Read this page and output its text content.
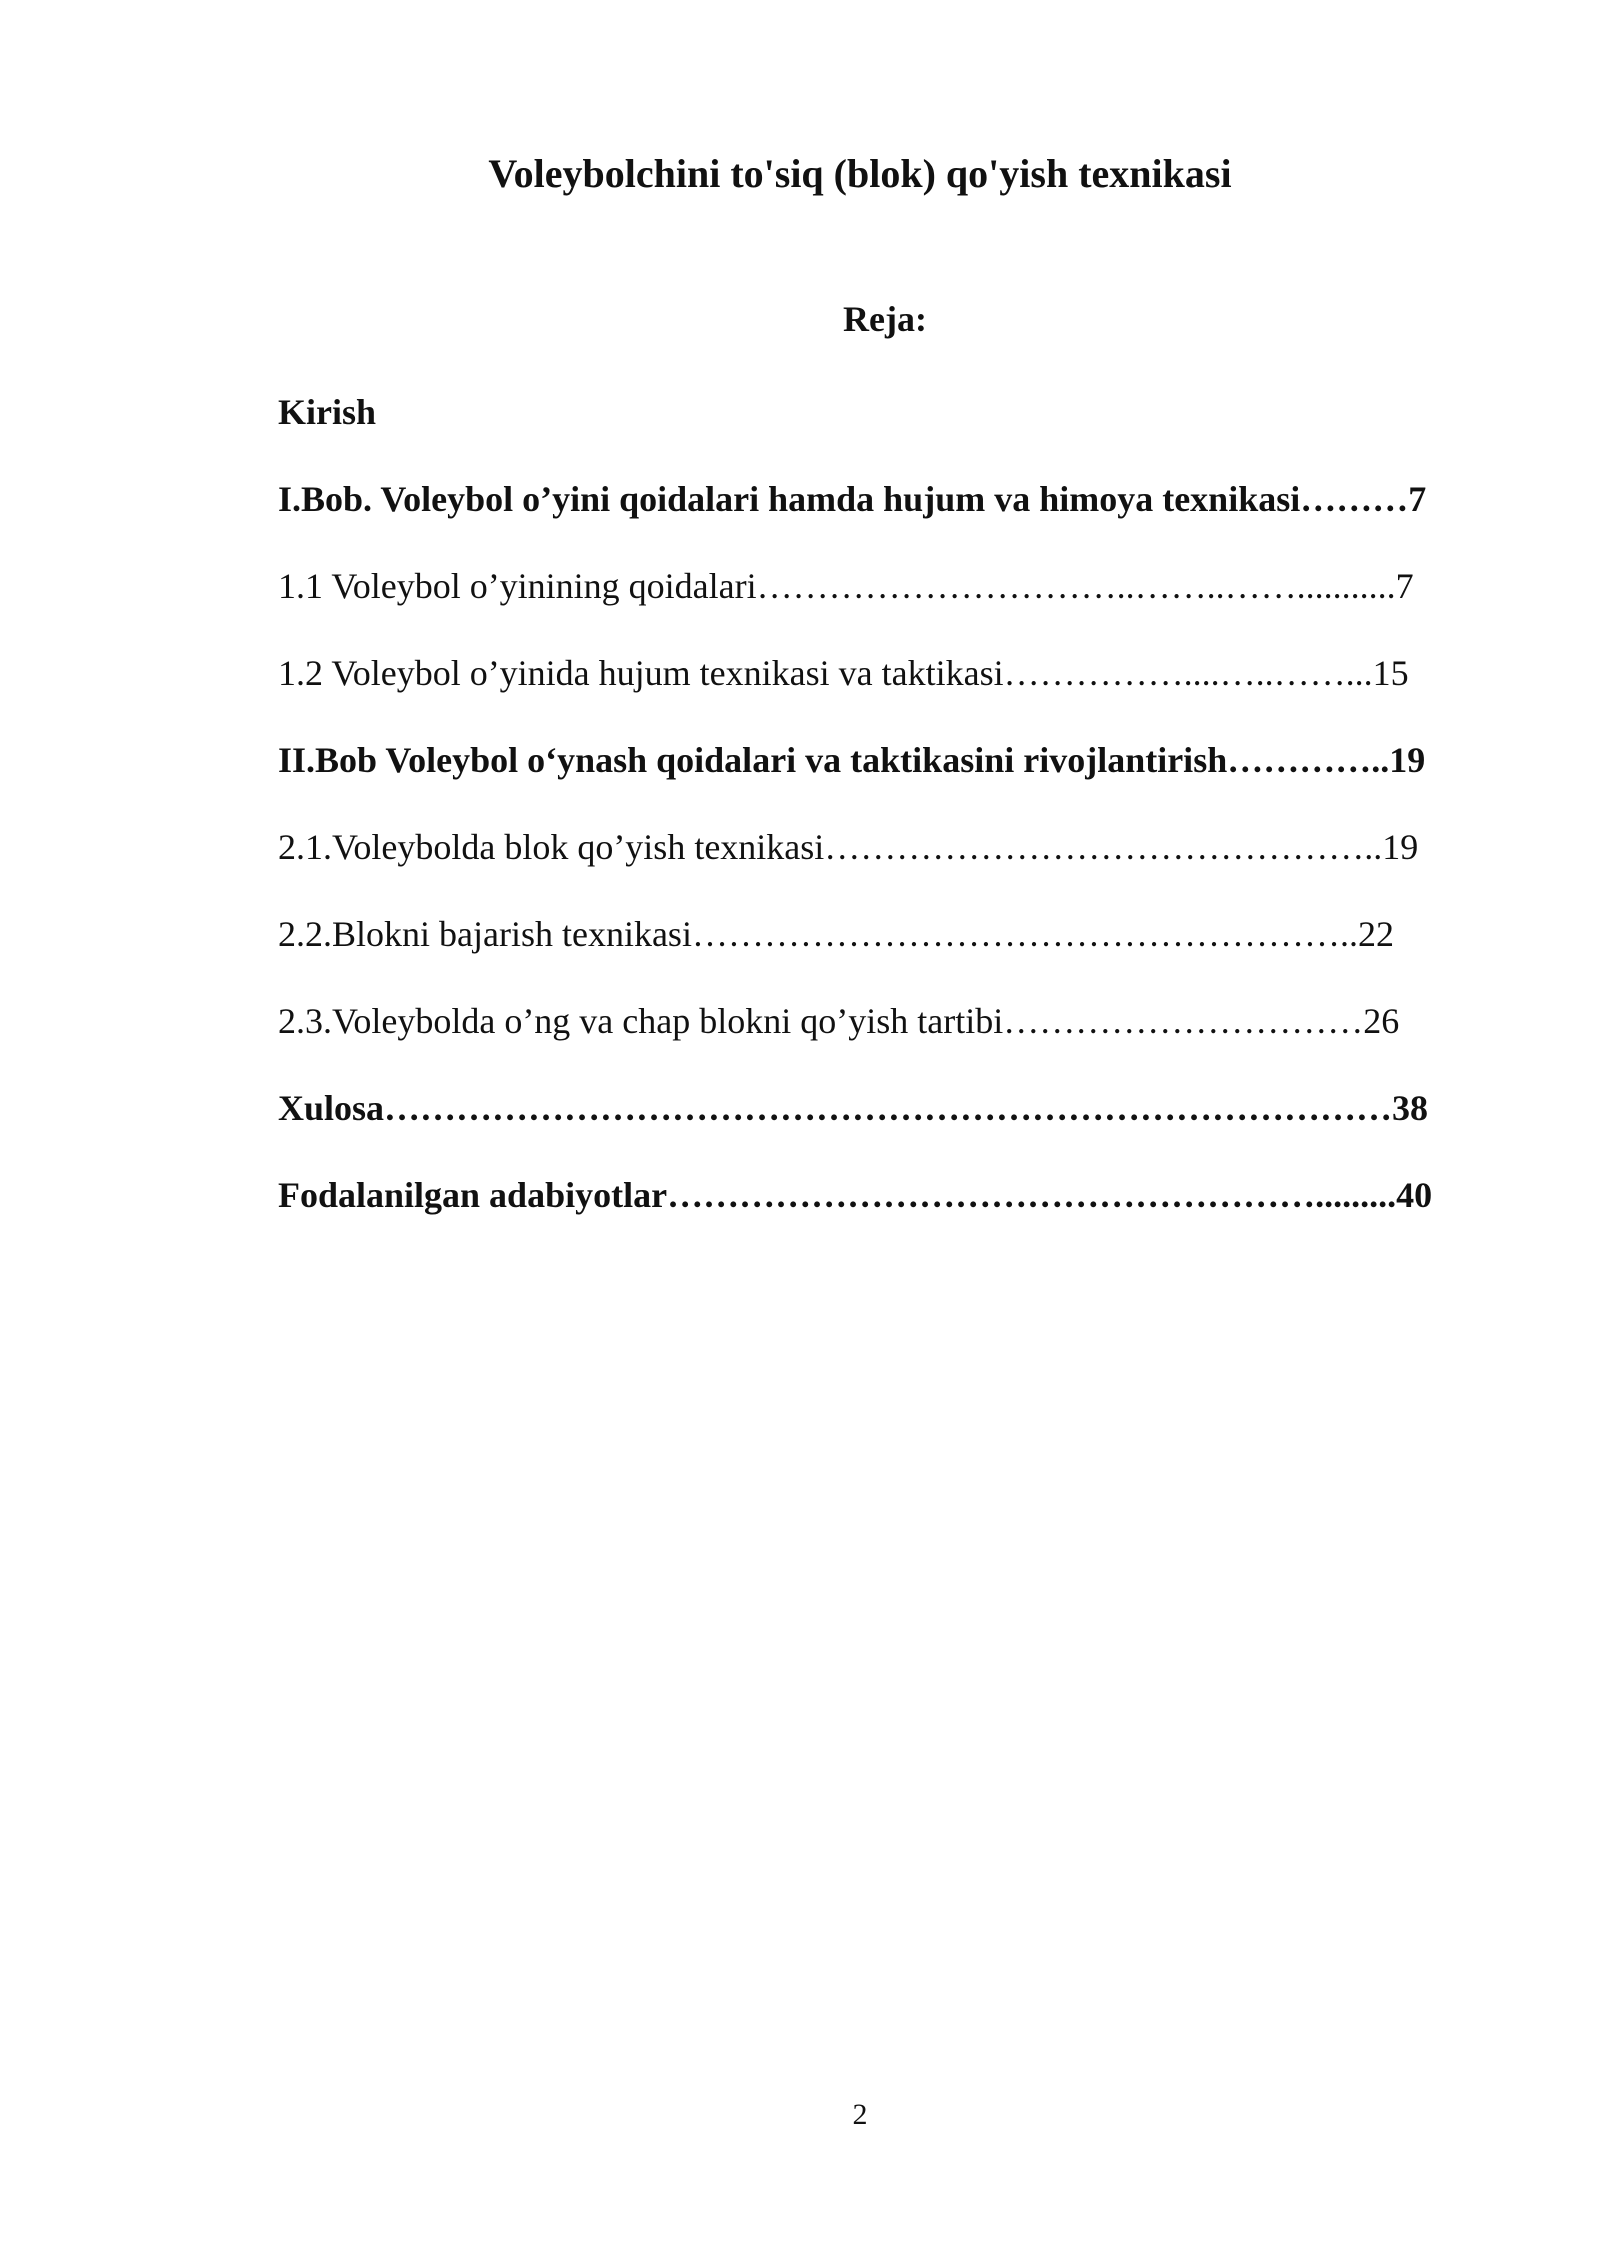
Voleybolchini to'siq (blok) qo'yish texnikasi
Reja:
Kirish
I.Bob. Voleybol o’yini qoidalari hamda hujum va himoya texnikasi………7
1.1 Voleybol o’yinining qoidalari…………………………..……..……...........7
1.2 Voleybol o’yinida hujum texnikasi va taktikasi……………....…..……...15
II.Bob Voleybol o‘ynash qoidalari va taktikasini rivojlantirish…………..19
2.1.Voleybolda blok qo’yish texnikasi………………………………………..19
2.2.Blokni bajarish texnikasi………………………………………………..22
2.3.Voleybolda o’ng va chap blokni qo’yish tartibi…………………………26
Xulosa…………………………………………………………………………38
Fodalanilgan adabiyotlar……………………………………………….........40
2
